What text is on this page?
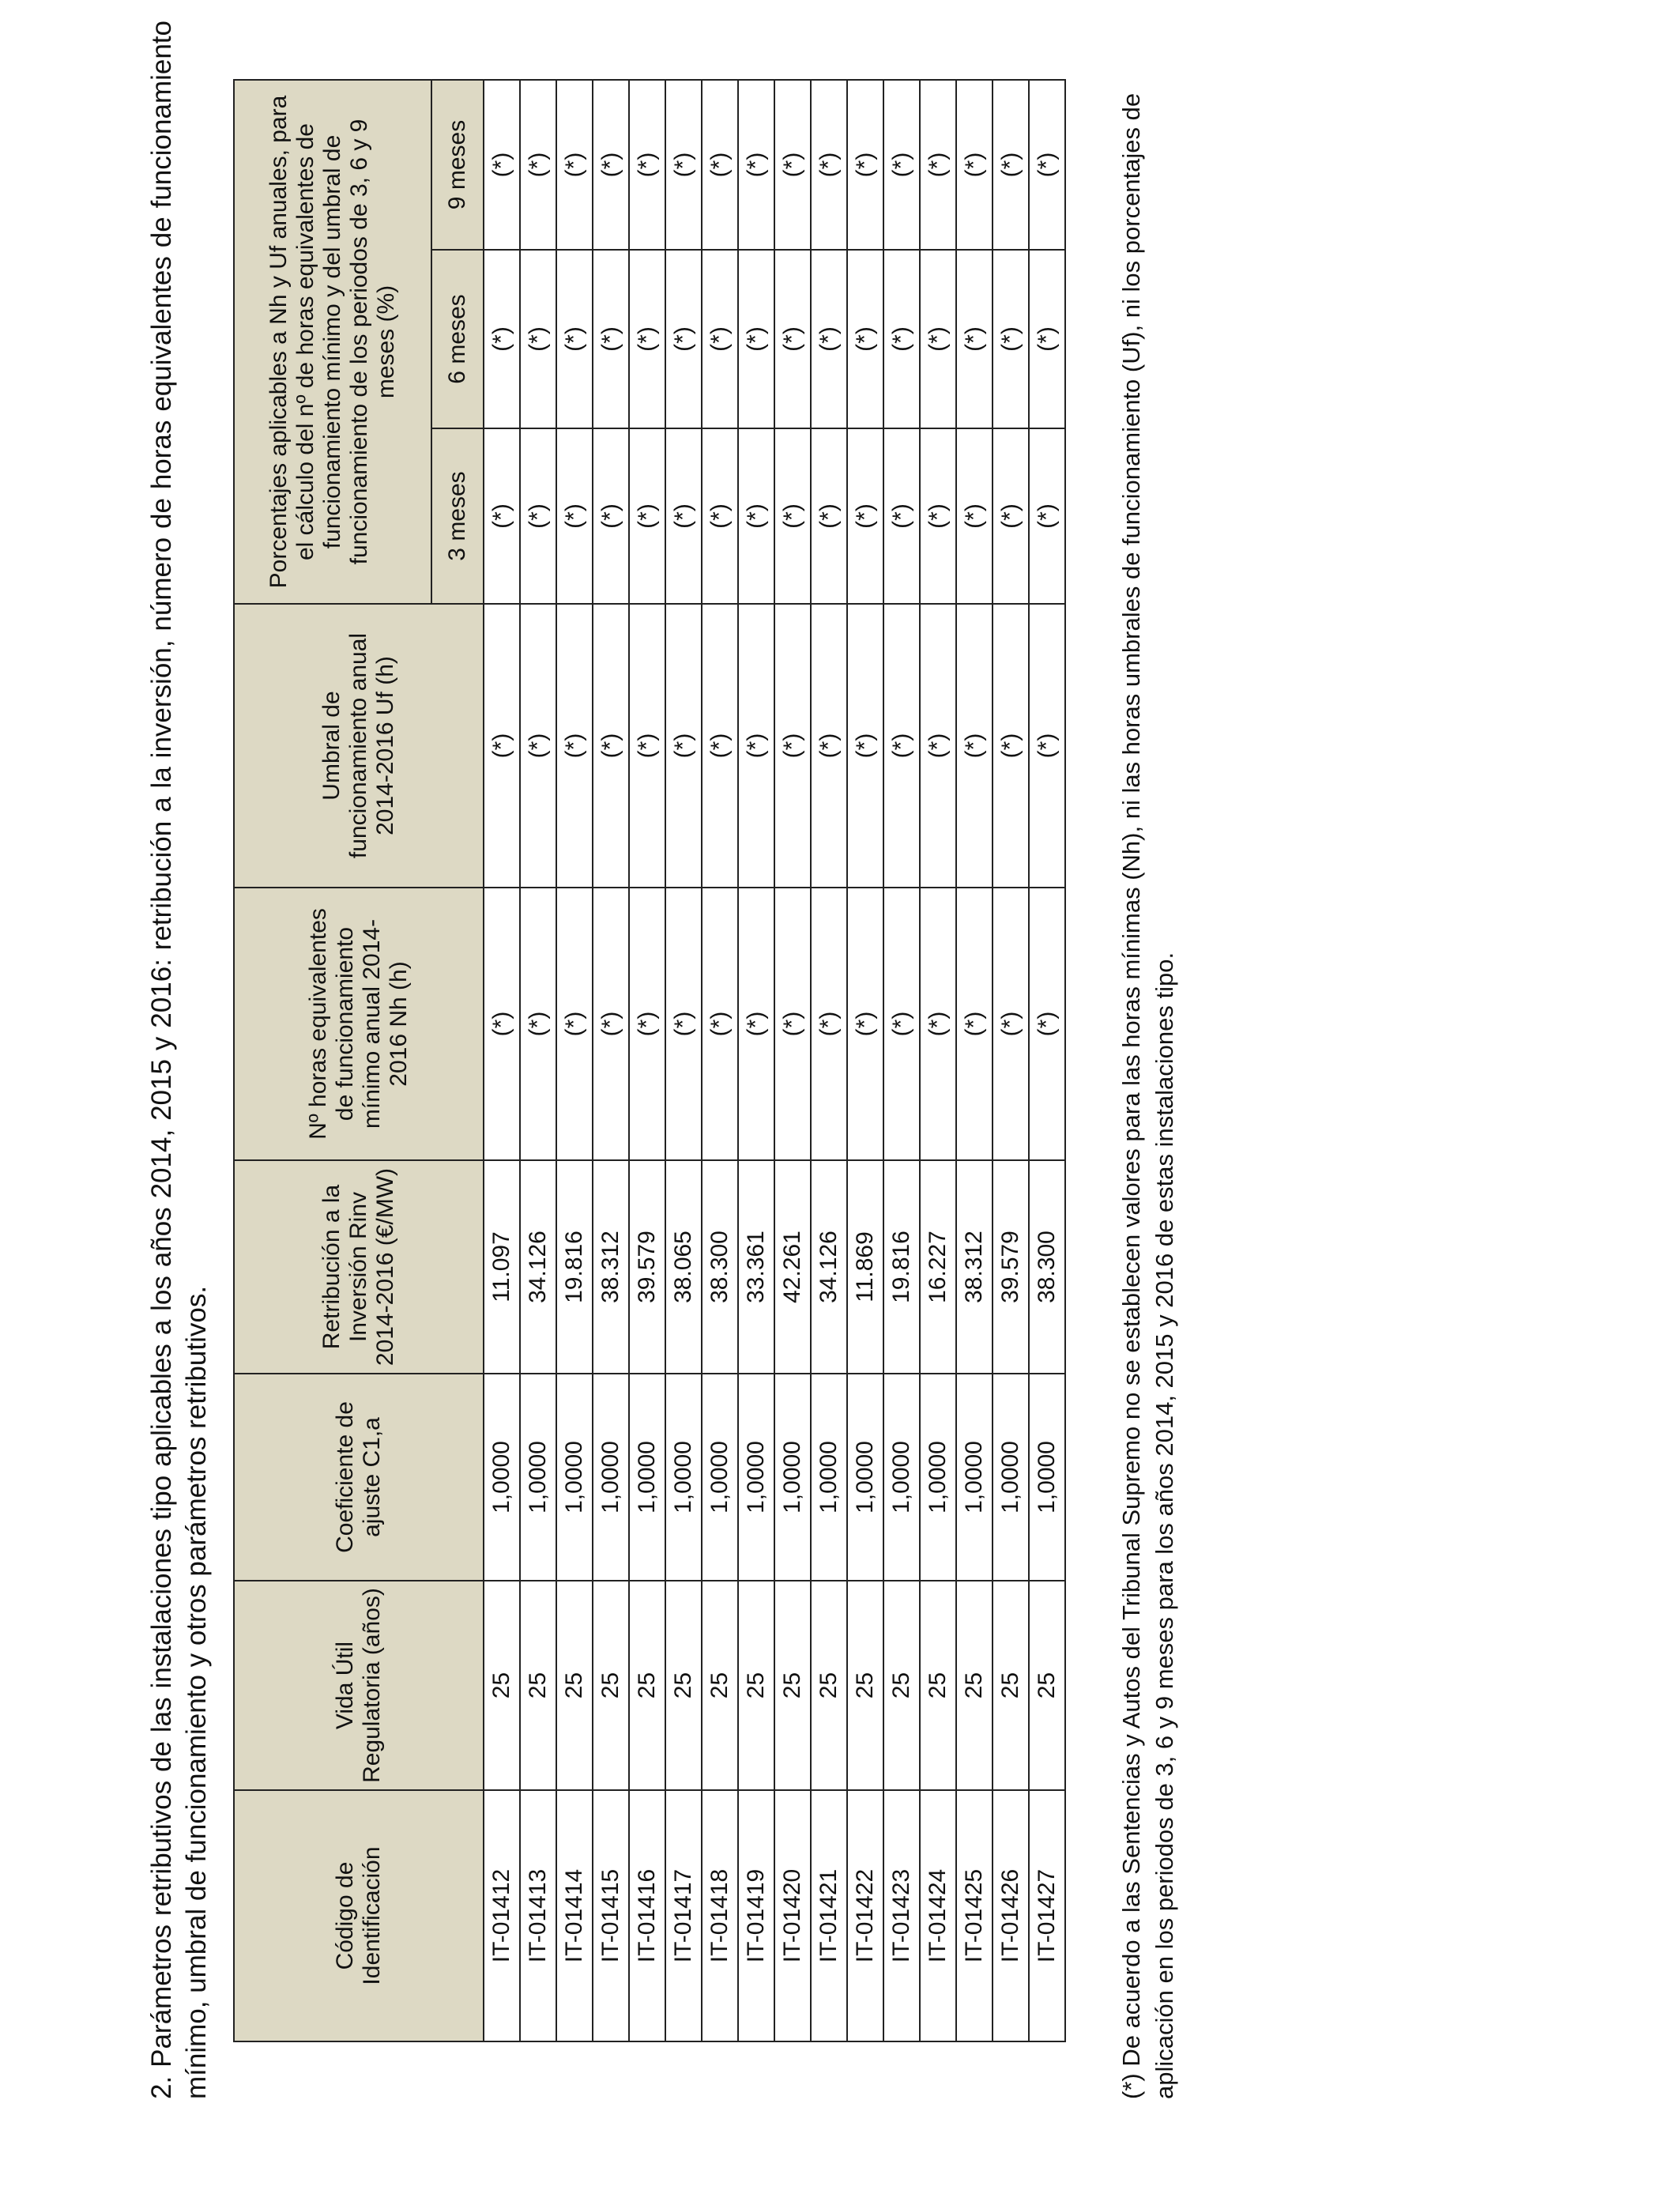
2. Parámetros retributivos de las instalaciones tipo aplicables a los años 2014, 2015 y 2016: retribución a la inversión, número de horas equivalentes de funcionamiento mínimo, umbral de funcionamiento y otros parámetros retributivos.	Código de Identificación	Vida Útil Regulatoria (años)	Coeficiente de ajuste C1,a	Retribución a la Inversión Rinv 2014-2016 (€/MW)	Nº horas equivalentes de funcionamiento mínimo anual 2014-2016 Nh (h)	Umbral de funcionamiento anual 2014-2016 Uf (h)	Porcentajes aplicables a Nh y Uf anuales, para el cálculo del nº de horas equivalentes de funcionamiento mínimo y del umbral de funcionamiento de los periodos de 3, 6 y 9 meses (%)		
						3 meses	6 meses	9 meses
IT-01412	25	1,0000	11.097	(*)	(*)	(*)	(*)	(*)
IT-01413	25	1,0000	34.126	(*)	(*)	(*)	(*)	(*)
IT-01414	25	1,0000	19.816	(*)	(*)	(*)	(*)	(*)
IT-01415	25	1,0000	38.312	(*)	(*)	(*)	(*)	(*)
IT-01416	25	1,0000	39.579	(*)	(*)	(*)	(*)	(*)
IT-01417	25	1,0000	38.065	(*)	(*)	(*)	(*)	(*)
IT-01418	25	1,0000	38.300	(*)	(*)	(*)	(*)	(*)
IT-01419	25	1,0000	33.361	(*)	(*)	(*)	(*)	(*)
IT-01420	25	1,0000	42.261	(*)	(*)	(*)	(*)	(*)
IT-01421	25	1,0000	34.126	(*)	(*)	(*)	(*)	(*)
IT-01422	25	1,0000	11.869	(*)	(*)	(*)	(*)	(*)
IT-01423	25	1,0000	19.816	(*)	(*)	(*)	(*)	(*)
IT-01424	25	1,0000	16.227	(*)	(*)	(*)	(*)	(*)
IT-01425	25	1,0000	38.312	(*)	(*)	(*)	(*)	(*)
IT-01426	25	1,0000	39.579	(*)	(*)	(*)	(*)	(*)
IT-01427	25	1,0000	38.300	(*)	(*)	(*)	(*)	(*) (*) De acuerdo a las Sentencias y Autos del Tribunal Supremo no se establecen valores para las horas mínimas (Nh), ni las horas umbrales de funcionamiento (Uf), ni los porcentajes de aplicación en los periodos de 3, 6 y 9 meses para los años 2014, 2015 y 2016 de estas instalaciones tipo.
